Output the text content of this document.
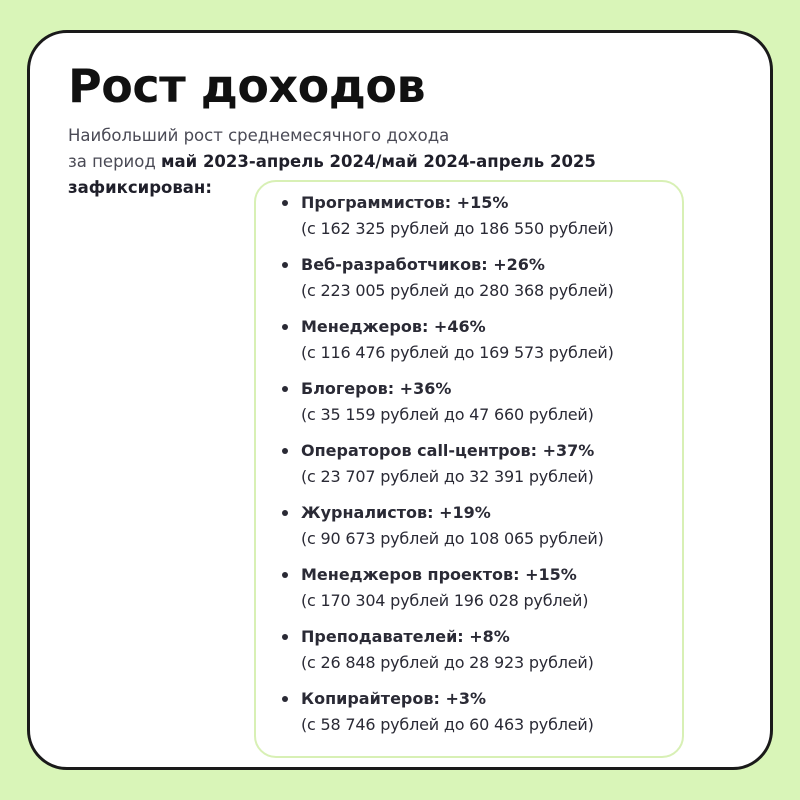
Рост доходов
Наибольший рост среднемесячного дохода
за период май 2023-апрель 2024/май 2024-апрель 2025
зафиксирован:
Программистов: +15%
(с 162 325 рублей до 186 550 рублей)
Веб-разработчиков: +26%
(с 223 005 рублей до 280 368 рублей)
Менеджеров: +46%
(с 116 476 рублей до 169 573 рублей)
Блогеров: +36%
(с 35 159 рублей до 47 660 рублей)
Операторов call-центров: +37%
(с 23 707 рублей до 32 391 рублей)
Журналистов: +19%
(с 90 673 рублей до 108 065 рублей)
Менеджеров проектов: +15%
(с 170 304 рублей 196 028 рублей)
Преподавателей: +8%
(с 26 848 рублей до 28 923 рублей)
Копирайтеров: +3%
(с 58 746 рублей до 60 463 рублей)
